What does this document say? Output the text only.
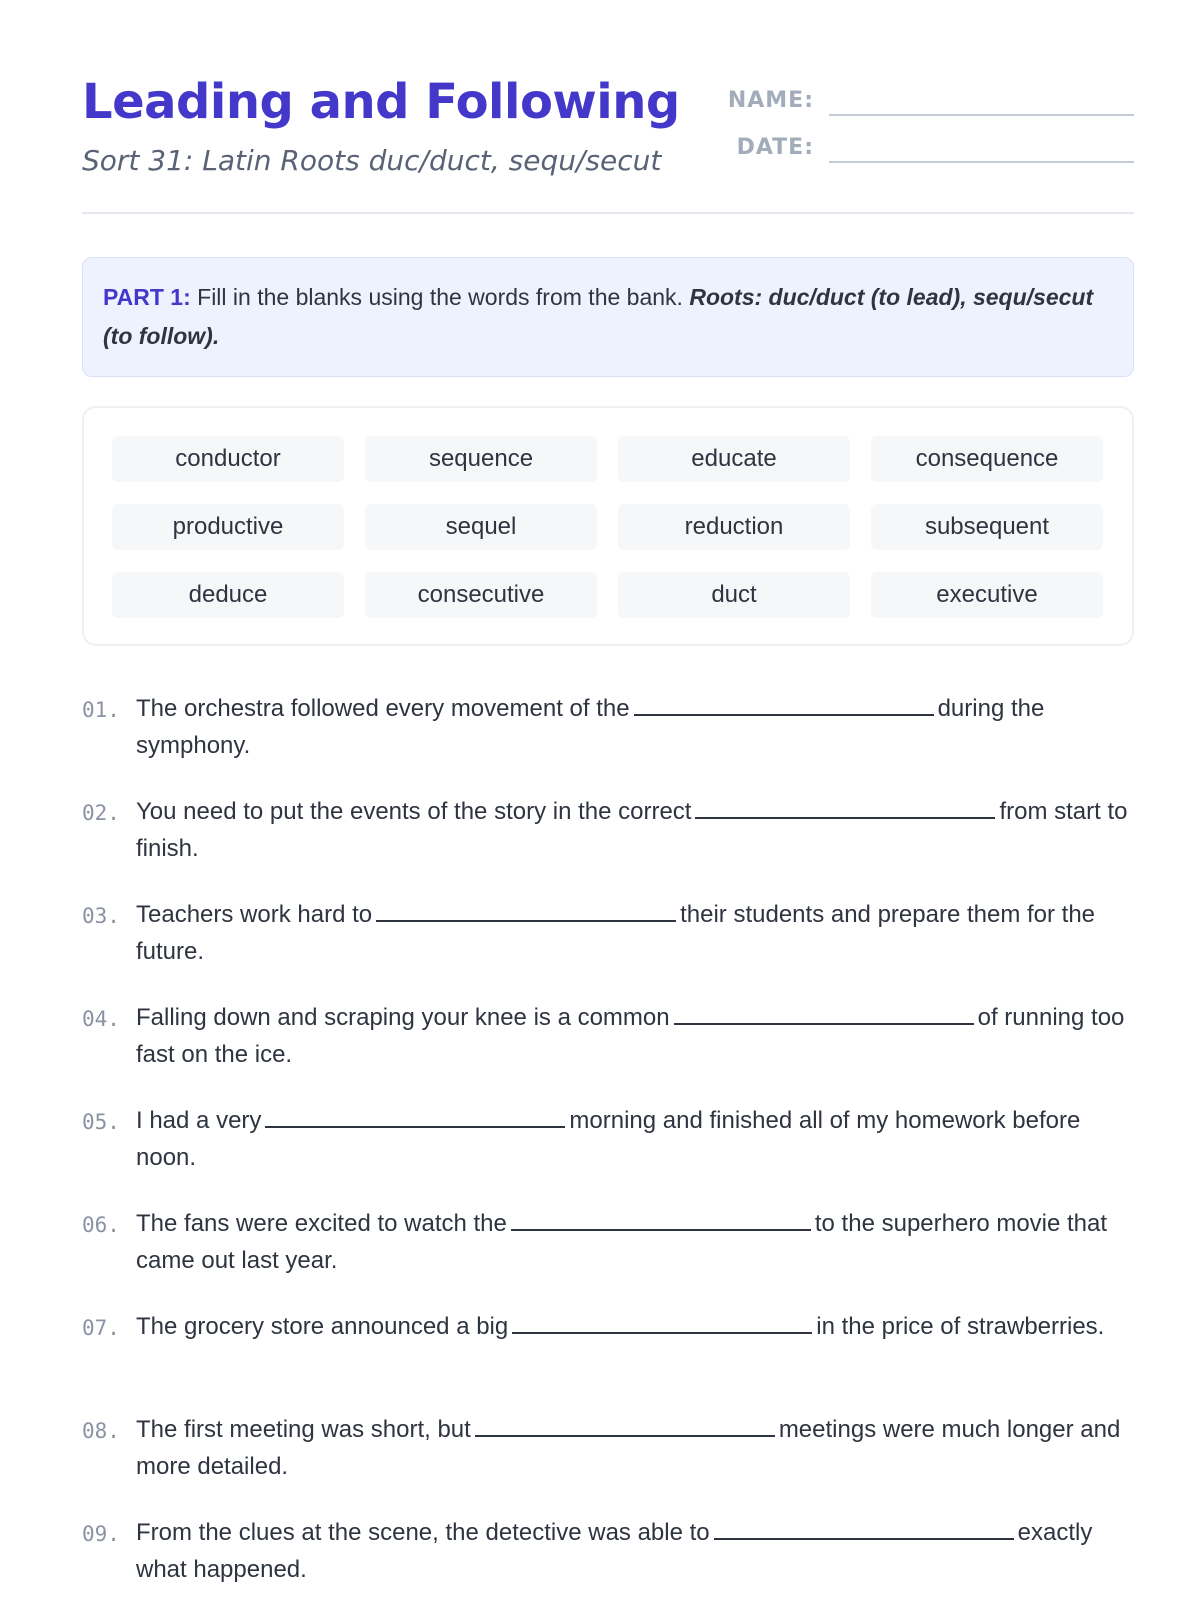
Leading and Following
Sort 31: Latin Roots duc/duct, sequ/secut
NAME:
DATE:
PART 1: Fill in the blanks using the words from the bank. Roots: duc/duct (to lead), sequ/secut (to follow).
conductor	sequence	educate	consequence
productive	sequel	reduction	subsequent
deduce	consecutive	duct	executive
01. The orchestra followed every movement of the	during the symphony.
02. You need to put the events of the story in the correct	from start to finish.
03. Teachers work hard to	their students and prepare them for the future.
04. Falling down and scraping your knee is a common	of running too fast on the ice.
05. I had a very	morning and finished all of my homework before noon.
06. The fans were excited to watch the	to the superhero movie that came out last year.
07. The grocery store announced a big	in the price of strawberries.
08. The first meeting was short, but	meetings were much longer and more detailed.
09. From the clues at the scene, the detective was able to	exactly what happened.
